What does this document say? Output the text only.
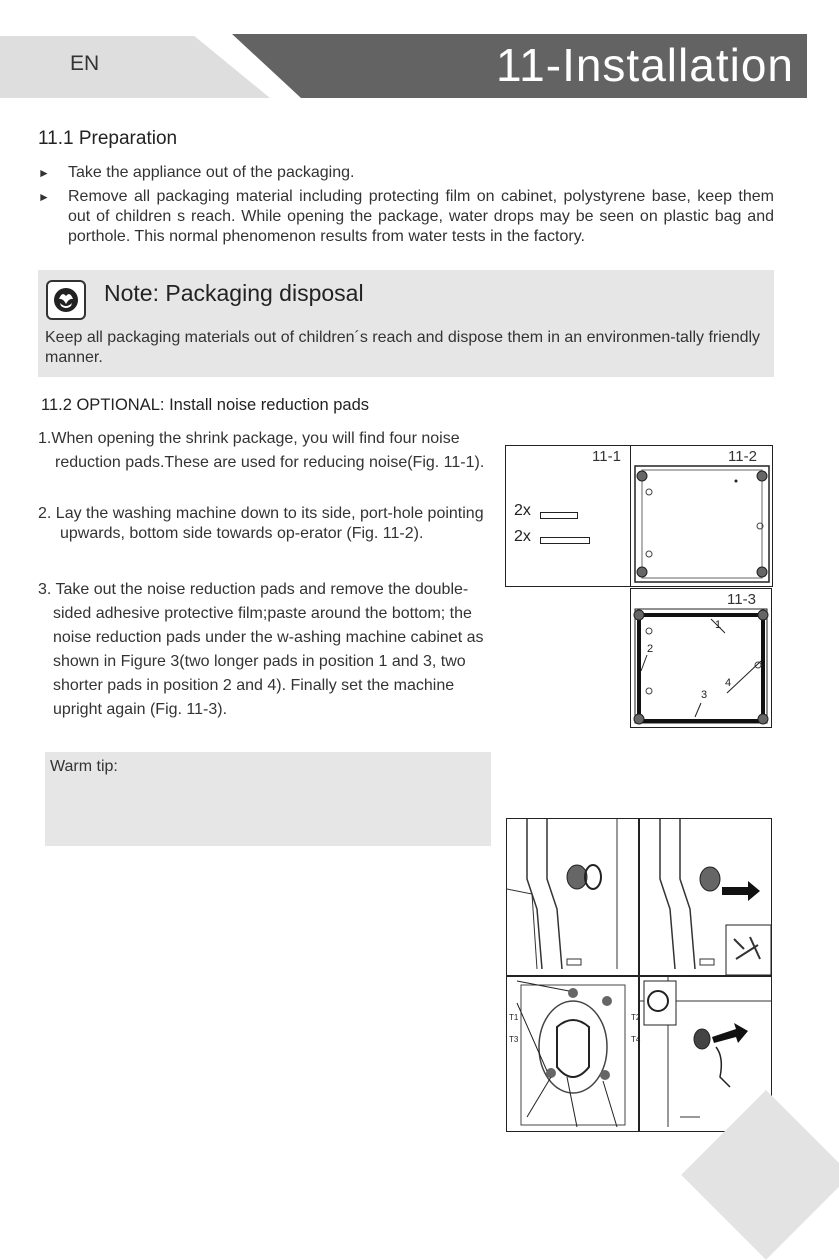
EN	11-Installation
11.1 Preparation
► Take the appliance out of the packaging.
► Remove all packaging material including protecting film on cabinet, polystyrene base, keep them out of children s reach. While opening the package, water drops may be seen on plastic bag and porthole. This normal phenomenon results from water tests in the factory.
Note: Packaging disposal
Keep all packaging materials out of children´s reach and dispose them in an environmen-tally friendly manner.
11.2 OPTIONAL: Install noise reduction pads
1.When opening the shrink package, you will find four noise reduction pads.These are used for reducing noise(Fig. 11-1).
2. Lay the washing machine down to its side, port-hole pointing upwards, bottom side towards op-erator (Fig. 11-2).
3. Take out the noise reduction pads and remove the double-sided adhesive protective film;paste around the bottom; the noise reduction pads under the w-ashing machine cabinet as shown in Figure 3(two longer pads in position 1 and 3, two shorter pads in position 2 and 4). Finally set the machine upright again (Fig. 11-3).
Warm tip:
11-1	11-2
2x
2x
11-3
1
2
3
4
T1	T2
T3	T4
